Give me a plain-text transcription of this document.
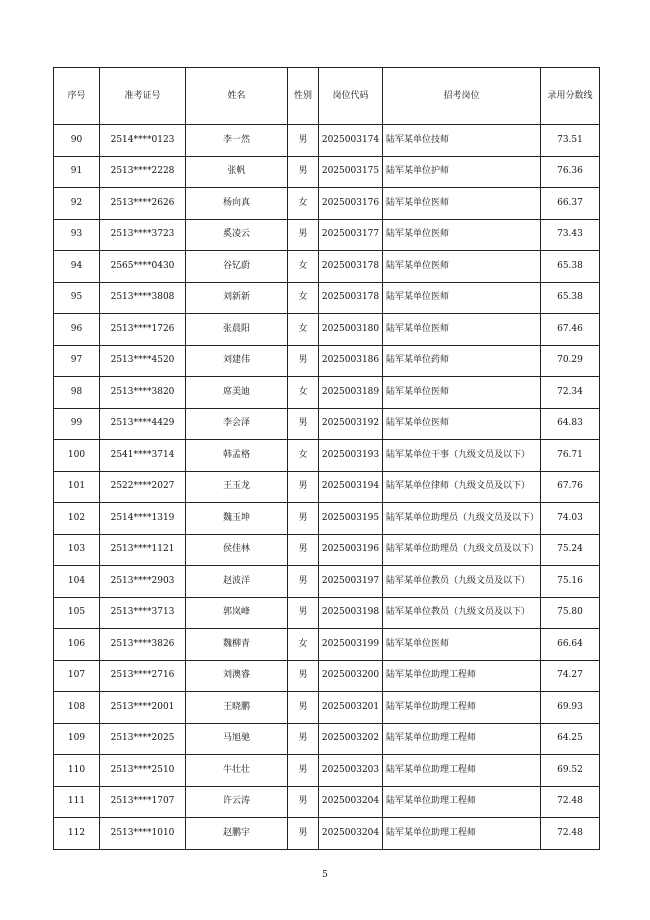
序号	准考证号	姓名	性别	岗位代码	招考岗位	录用分数线
90	2514****0123	李一然	男	2025003174	陆军某单位技师	73.51
91	2513****2228	张帆	男	2025003175	陆军某单位护师	76.36
92	2513****2626	杨向真	女	2025003176	陆军某单位医师	66.37
93	2513****3723	奚凌云	男	2025003177	陆军某单位医师	73.43
94	2565****0430	谷钇蔚	女	2025003178	陆军某单位医师	65.38
95	2513****3808	刘新新	女	2025003178	陆军某单位医师	65.38
96	2513****1726	张晨阳	女	2025003180	陆军某单位医师	67.46
97	2513****4520	刘建伟	男	2025003186	陆军某单位药师	70.29
98	2513****3820	席美迪	女	2025003189	陆军某单位医师	72.34
99	2513****4429	李会泽	男	2025003192	陆军某单位医师	64.83
100	2541****3714	韩孟格	女	2025003193	陆军某单位干事（九级文员及以下）	76.71
101	2522****2027	王玉龙	男	2025003194	陆军某单位律师（九级文员及以下）	67.76
102	2514****1319	魏玉坤	男	2025003195	陆军某单位助理员（九级文员及以下）	74.03
103	2513****1121	侯佳林	男	2025003196	陆军某单位助理员（九级文员及以下）	75.24
104	2513****2903	赵波洋	男	2025003197	陆军某单位教员（九级文员及以下）	75.16
105	2513****3713	郭岚峰	男	2025003198	陆军某单位教员（九级文员及以下）	75.80
106	2513****3826	魏柳青	女	2025003199	陆军某单位医师	66.64
107	2513****2716	刘澳睿	男	2025003200	陆军某单位助理工程师	74.27
108	2513****2001	王晓鹏	男	2025003201	陆军某单位助理工程师	69.93
109	2513****2025	马旭驰	男	2025003202	陆军某单位助理工程师	64.25
110	2513****2510	牛壮壮	男	2025003203	陆军某单位助理工程师	69.52
111	2513****1707	许云涛	男	2025003204	陆军某单位助理工程师	72.48
112	2513****1010	赵鹏宇	男	2025003204	陆军某单位助理工程师	72.48
5
